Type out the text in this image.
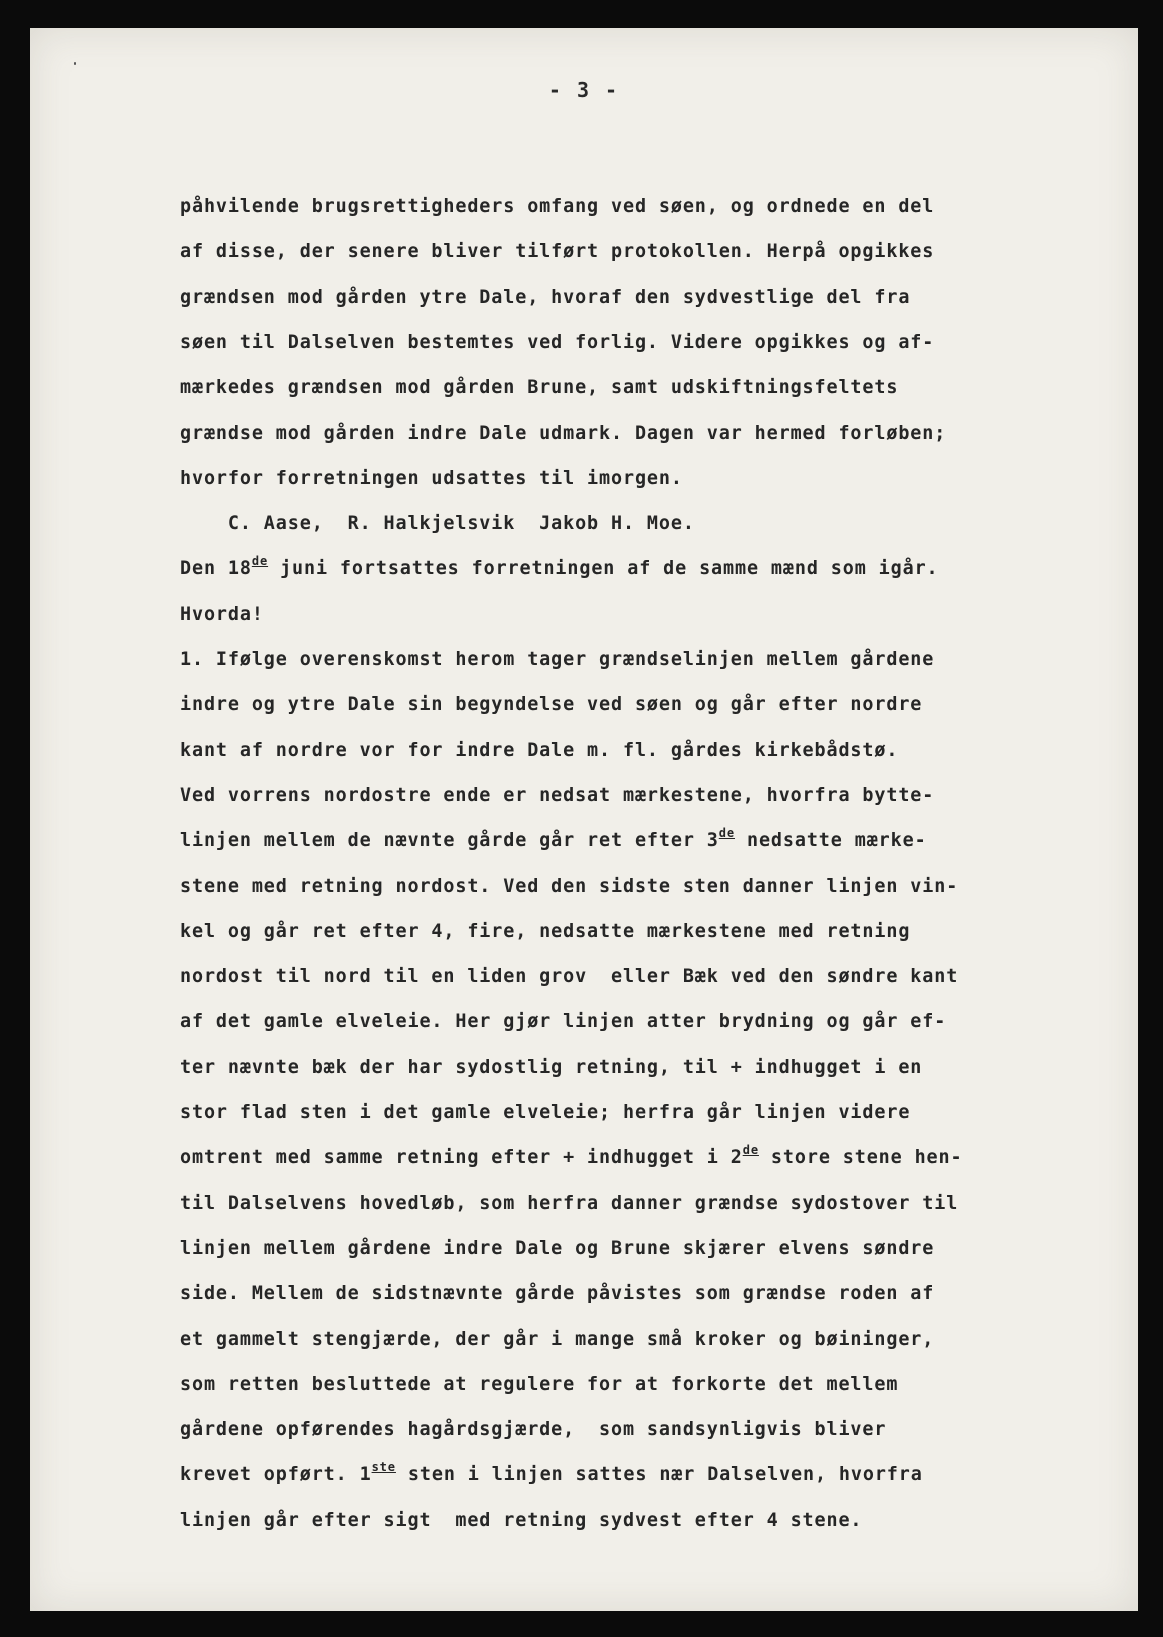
- 3 -
påhvilende brugsrettigheders omfang ved søen, og ordnede en del
af disse, der senere bliver tilført protokollen. Herpå opgikkes
grændsen mod gården ytre Dale, hvoraf den sydvestlige del fra
søen til Dalselven bestemtes ved forlig. Videre opgikkes og af-
mærkedes grændsen mod gården Brune, samt udskiftningsfeltets
grændse mod gården indre Dale udmark. Dagen var hermed forløben;
hvorfor forretningen udsattes til imorgen.
C. Aase,  R. Halkjelsvik  Jakob H. Moe.
Den 18de juni fortsattes forretningen af de samme mænd som igår.
Hvorda!
1. Ifølge overenskomst herom tager grændselinjen mellem gårdene
indre og ytre Dale sin begyndelse ved søen og går efter nordre
kant af nordre vor for indre Dale m. fl. gårdes kirkebådstø.
Ved vorrens nordostre ende er nedsat mærkestene, hvorfra bytte-
linjen mellem de nævnte gårde går ret efter 3de nedsatte mærke-
stene med retning nordost. Ved den sidste sten danner linjen vin-
kel og går ret efter 4, fire, nedsatte mærkestene med retning
nordost til nord til en liden grov  eller Bæk ved den søndre kant
af det gamle elveleie. Her gjør linjen atter brydning og går ef-
ter nævnte bæk der har sydostlig retning, til + indhugget i en
stor flad sten i det gamle elveleie; herfra går linjen videre
omtrent med samme retning efter + indhugget i 2de store stene hen-
til Dalselvens hovedløb, som herfra danner grændse sydostover til
linjen mellem gårdene indre Dale og Brune skjærer elvens søndre
side. Mellem de sidstnævnte gårde påvistes som grændse roden af
et gammelt stengjærde, der går i mange små kroker og bøininger,
som retten besluttede at regulere for at forkorte det mellem
gårdene opførendes hagårdsgjærde,  som sandsynligvis bliver
krevet opført. 1ste sten i linjen sattes nær Dalselven, hvorfra
linjen går efter sigt  med retning sydvest efter 4 stene.
